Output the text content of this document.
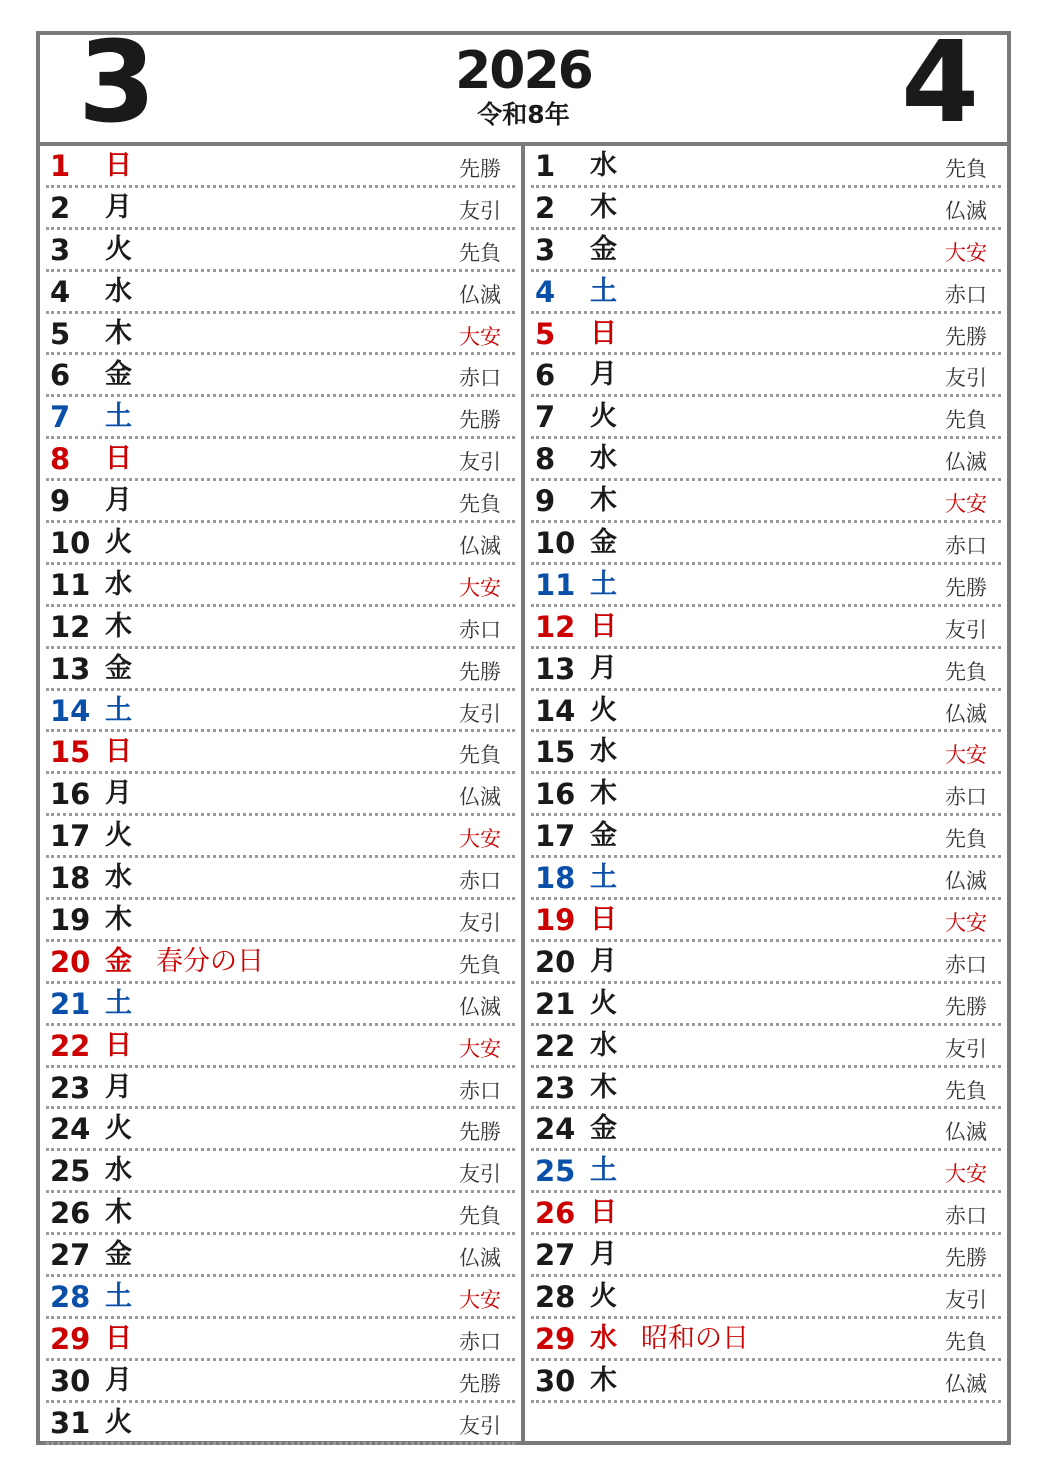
3	2026
令和8年	4
1 日	先勝
2 月	友引
3 火	先負
4 水	仏滅
5 木	大安
6 金	赤口
7 土	先勝
8 日	友引
9 月	先負
10 火	仏滅
11 水	大安
12 木	赤口
13 金	先勝
14 土	友引
15 日	先負
16 月	仏滅
17 火	大安
18 水	赤口
19 木	友引
20 金 春分の日	先負
21 土	仏滅
22 日	大安
23 月	赤口
24 火	先勝
25 水	友引
26 木	先負
27 金	仏滅
28 土	大安
29 日	赤口
30 月	先勝
31 火	友引
1 水	先負
2 木	仏滅
3 金	大安
4 土	赤口
5 日	先勝
6 月	友引
7 火	先負
8 水	仏滅
9 木	大安
10 金	赤口
11 土	先勝
12 日	友引
13 月	先負
14 火	仏滅
15 水	大安
16 木	赤口
17 金	先負
18 土	仏滅
19 日	大安
20 月	赤口
21 火	先勝
22 水	友引
23 木	先負
24 金	仏滅
25 土	大安
26 日	赤口
27 月	先勝
28 火	友引
29 水 昭和の日	先負
30 木	仏滅
